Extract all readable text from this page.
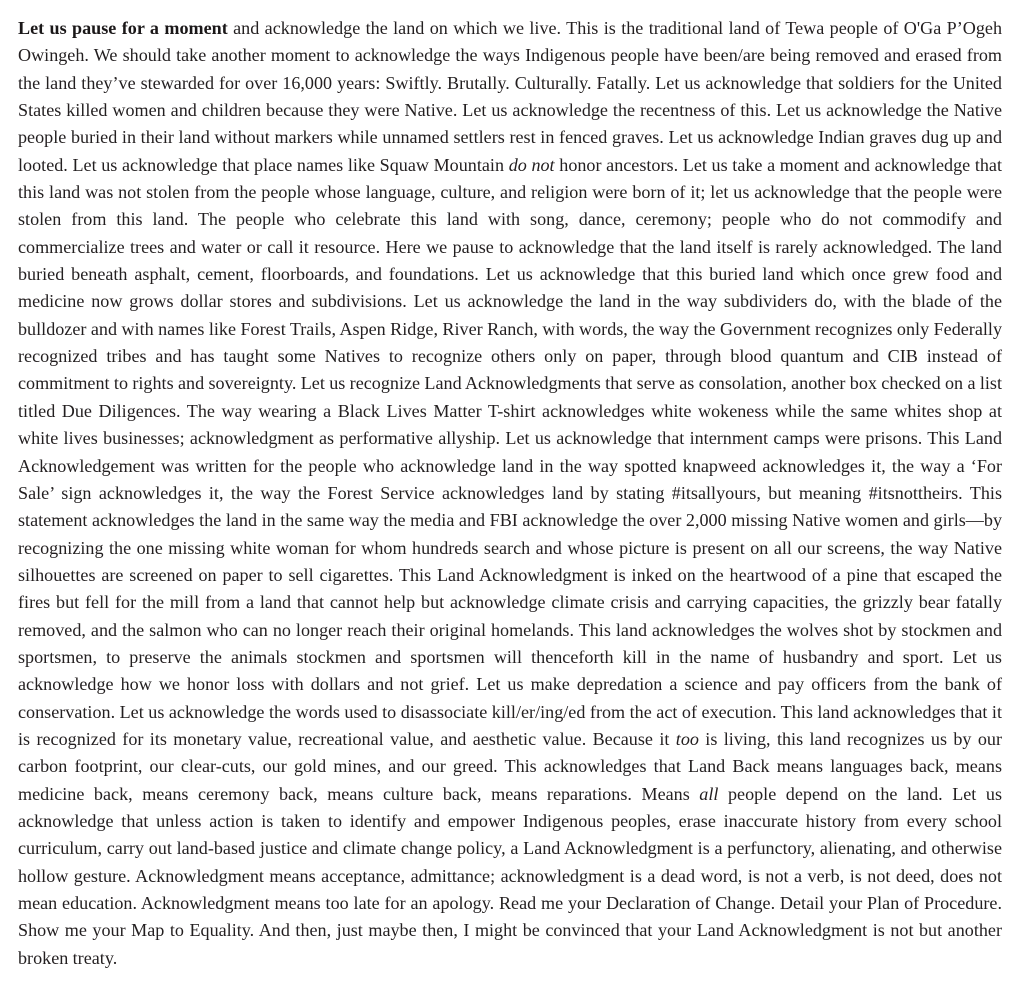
Let us pause for a moment and acknowledge the land on which we live. This is the traditional land of Tewa people of O'Ga P’Ogeh Owingeh. We should take another moment to acknowledge the ways Indigenous people have been/are being removed and erased from the land they’ve stewarded for over 16,000 years: Swiftly. Brutally. Culturally. Fatally. Let us acknowledge that soldiers for the United States killed women and children because they were Native. Let us acknowledge the recentness of this. Let us acknowledge the Native people buried in their land without markers while unnamed settlers rest in fenced graves. Let us acknowledge Indian graves dug up and looted. Let us acknowledge that place names like Squaw Mountain do not honor ancestors. Let us take a moment and acknowledge that this land was not stolen from the people whose language, culture, and religion were born of it; let us acknowledge that the people were stolen from this land. The people who celebrate this land with song, dance, ceremony; people who do not commodify and commercialize trees and water or call it resource. Here we pause to acknowledge that the land itself is rarely acknowledged. The land buried beneath asphalt, cement, floorboards, and foundations. Let us acknowledge that this buried land which once grew food and medicine now grows dollar stores and subdivisions. Let us acknowledge the land in the way subdividers do, with the blade of the bulldozer and with names like Forest Trails, Aspen Ridge, River Ranch, with words, the way the Government recognizes only Federally recognized tribes and has taught some Natives to recognize others only on paper, through blood quantum and CIB instead of commitment to rights and sovereignty. Let us recognize Land Acknowledgments that serve as consolation, another box checked on a list titled Due Diligences. The way wearing a Black Lives Matter T-shirt acknowledges white wokeness while the same whites shop at white lives businesses; acknowledgment as performative allyship. Let us acknowledge that internment camps were prisons. This Land Acknowledgement was written for the people who acknowledge land in the way spotted knapweed acknowledges it, the way a ‘For Sale’ sign acknowledges it, the way the Forest Service acknowledges land by stating #itsallyours, but meaning #itsnottheirs. This statement acknowledges the land in the same way the media and FBI acknowledge the over 2,000 missing Native women and girls—by recognizing the one missing white woman for whom hundreds search and whose picture is present on all our screens, the way Native silhouettes are screened on paper to sell cigarettes. This Land Acknowledgment is inked on the heartwood of a pine that escaped the fires but fell for the mill from a land that cannot help but acknowledge climate crisis and carrying capacities, the grizzly bear fatally removed, and the salmon who can no longer reach their original homelands. This land acknowledges the wolves shot by stockmen and sportsmen, to preserve the animals stockmen and sportsmen will thenceforth kill in the name of husbandry and sport. Let us acknowledge how we honor loss with dollars and not grief. Let us make depredation a science and pay officers from the bank of conservation. Let us acknowledge the words used to disassociate kill/er/ing/ed from the act of execution. This land acknowledges that it is recognized for its monetary value, recreational value, and aesthetic value. Because it too is living, this land recognizes us by our carbon footprint, our clear-cuts, our gold mines, and our greed. This acknowledges that Land Back means languages back, means medicine back, means ceremony back, means culture back, means reparations. Means all people depend on the land. Let us acknowledge that unless action is taken to identify and empower Indigenous peoples, erase inaccurate history from every school curriculum, carry out land-based justice and climate change policy, a Land Acknowledgment is a perfunctory, alienating, and otherwise hollow gesture. Acknowledgment means acceptance, admittance; acknowledgment is a dead word, is not a verb, is not deed, does not mean education. Acknowledgment means too late for an apology. Read me your Declaration of Change. Detail your Plan of Procedure. Show me your Map to Equality. And then, just maybe then, I might be convinced that your Land Acknowledgment is not but another broken treaty.
